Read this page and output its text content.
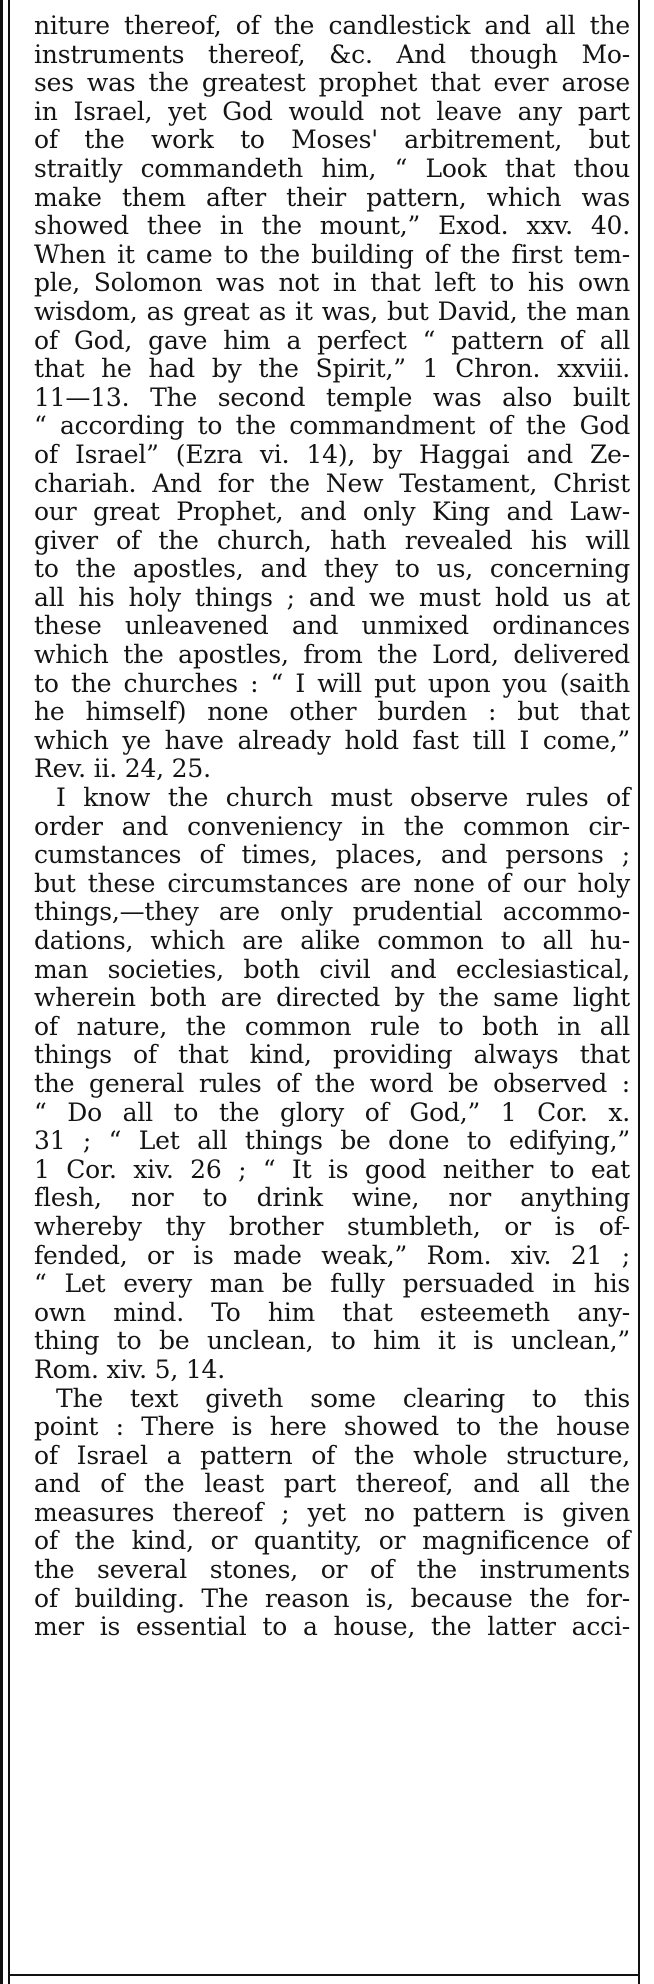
niture thereof, of the candlestick and all the
instruments thereof, &c. And though Mo-
ses was the greatest prophet that ever arose
in Israel, yet God would not leave any part
of the work to Moses' arbitrement, but
straitly commandeth him, “ Look that thou
make them after their pattern, which was
showed thee in the mount,” Exod. xxv. 40.
When it came to the building of the first tem-
ple, Solomon was not in that left to his own
wisdom, as great as it was, but David, the man
of God, gave him a perfect “ pattern of all
that he had by the Spirit,” 1 Chron. xxviii.
11—13. The second temple was also built
“ according to the commandment of the God
of Israel” (Ezra vi. 14), by Haggai and Ze-
chariah. And for the New Testament, Christ
our great Prophet, and only King and Law-
giver of the church, hath revealed his will
to the apostles, and they to us, concerning
all his holy things ; and we must hold us at
these unleavened and unmixed ordinances
which the apostles, from the Lord, delivered
to the churches : “ I will put upon you (saith
he himself) none other burden : but that
which ye have already hold fast till I come,”
Rev. ii. 24, 25.

I know the church must observe rules of
order and conveniency in the common cir-
cumstances of times, places, and persons ;
but these circumstances are none of our holy
things,—they are only prudential accommo-
dations, which are alike common to all hu-
man societies, both civil and ecclesiastical,
wherein both are directed by the same light
of nature, the common rule to both in all
things of that kind, providing always that
the general rules of the word be observed :
“ Do all to the glory of God,” 1 Cor. x.
31 ; “ Let all things be done to edifying,”
1 Cor. xiv. 26 ; “ It is good neither to eat
flesh, nor to drink wine, nor anything
whereby thy brother stumbleth, or is of-
fended, or is made weak,” Rom. xiv. 21 ;
“ Let every man be fully persuaded in his
own mind. To him that esteemeth any-
thing to be unclean, to him it is unclean,”
Rom. xiv. 5, 14.

The text giveth some clearing to this
point : There is here showed to the house
of Israel a pattern of the whole structure,
and of the least part thereof, and all the
measures thereof ; yet no pattern is given
of the kind, or quantity, or magnificence of
the several stones, or of the instruments
of building. The reason is, because the for-
mer is essential to a house, the latter acci-
